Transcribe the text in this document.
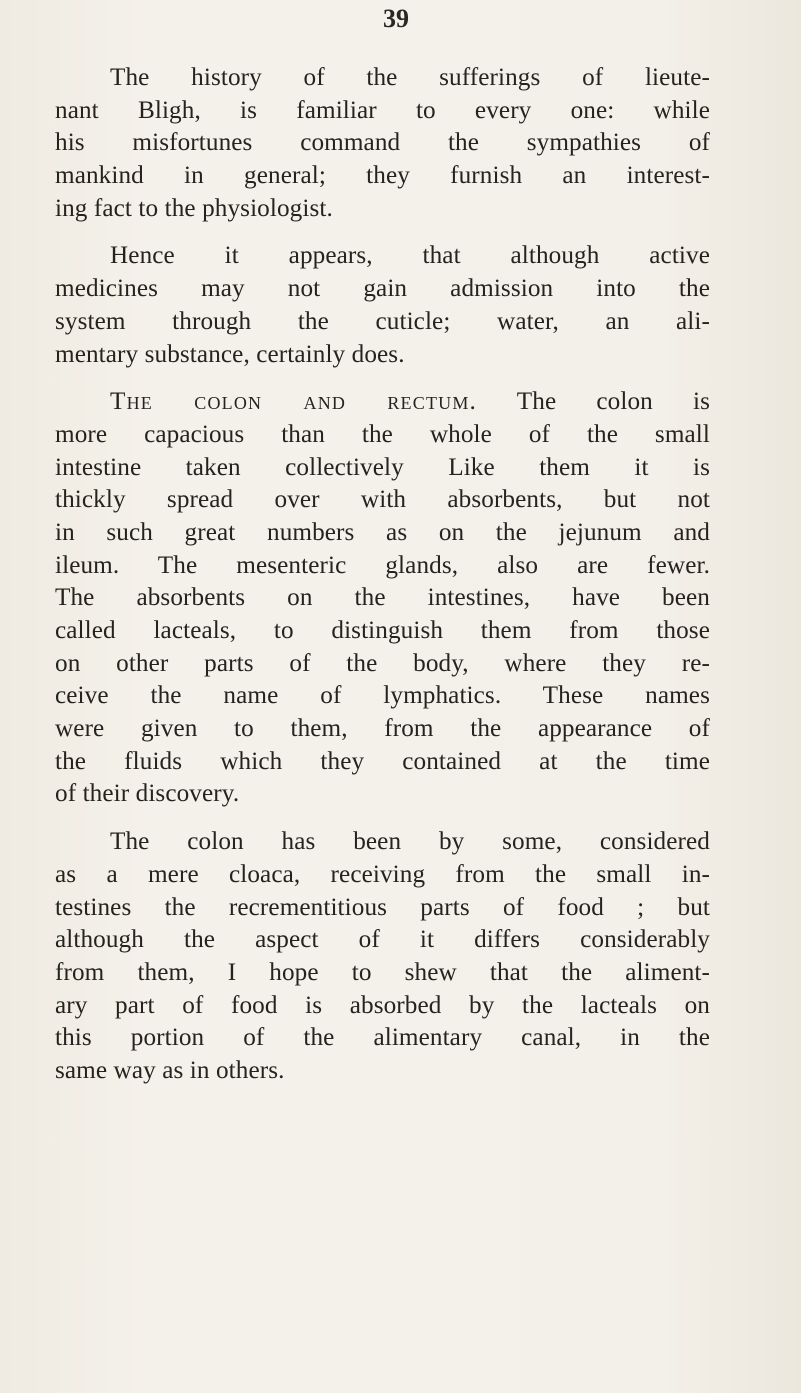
39
The history of the sufferings of lieute-
nant Bligh, is familiar to every one: while
his misfortunes command the sympathies of
mankind in general; they furnish an interest-
ing fact to the physiologist.
Hence it appears, that although active
medicines may not gain admission into the
system through the cuticle; water, an ali-
mentary substance, certainly does.
The colon and rectum. The colon is
more capacious than the whole of the small
intestine taken collectively Like them it is
thickly spread over with absorbents, but not
in such great numbers as on the jejunum and
ileum. The mesenteric glands, also are fewer.
The absorbents on the intestines, have been
called lacteals, to distinguish them from those
on other parts of the body, where they re-
ceive the name of lymphatics. These names
were given to them, from the appearance of
the fluids which they contained at the time
of their discovery.
The colon has been by some, considered
as a mere cloaca, receiving from the small in-
testines the recrementitious parts of food ; but
although the aspect of it differs considerably
from them, I hope to shew that the aliment-
ary part of food is absorbed by the lacteals on
this portion of the alimentary canal, in the
same way as in others.
